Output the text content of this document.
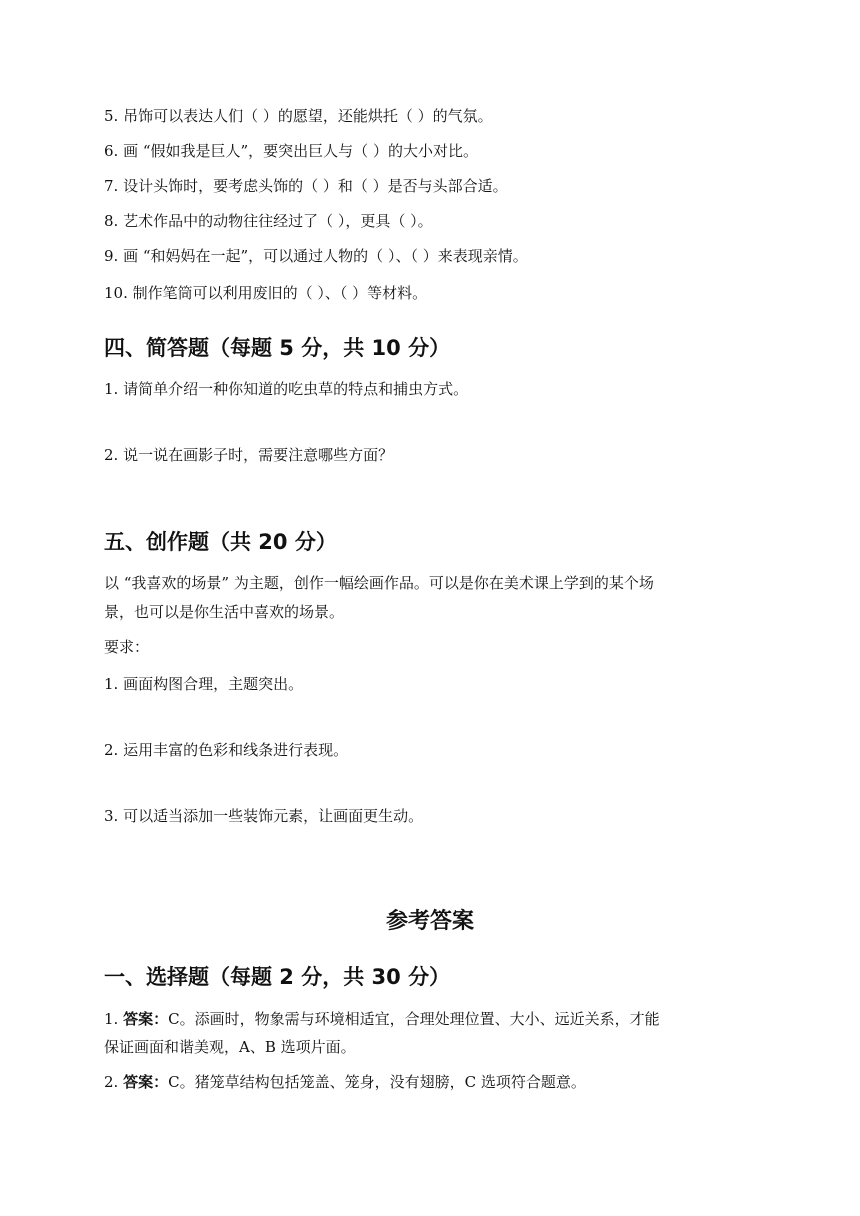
5. 吊饰可以表达人们（ ）的愿望，还能烘托（ ）的气氛。

6. 画 “假如我是巨人”，要突出巨人与（ ）的大小对比。

7. 设计头饰时，要考虑头饰的（ ）和（ ）是否与头部合适。

8. 艺术作品中的动物往往经过了（ ），更具（ ）。

9. 画 “和妈妈在一起”，可以通过人物的（ ）、（ ）来表现亲情。

10. 制作笔筒可以利用废旧的（ ）、（ ）等材料。

四、简答题（每题 5 分，共 10 分）

1. 请简单介绍一种你知道的吃虫草的特点和捕虫方式。

2. 说一说在画影子时，需要注意哪些方面？

五、创作题（共 20 分）

以 “我喜欢的场景” 为主题，创作一幅绘画作品。可以是你在美术课上学到的某个场

景，也可以是你生活中喜欢的场景。

要求：

1. 画面构图合理，主题突出。

2. 运用丰富的色彩和线条进行表现。

3. 可以适当添加一些装饰元素，让画面更生动。

参考答案
一、选择题（每题 2 分，共 30 分）

1. 答案：C。添画时，物象需与环境相适宜，合理处理位置、大小、远近关系，才能

保证画面和谐美观，A、B 选项片面。

2. 答案：C。猪笼草结构包括笼盖、笼身，没有翅膀，C 选项符合题意。
